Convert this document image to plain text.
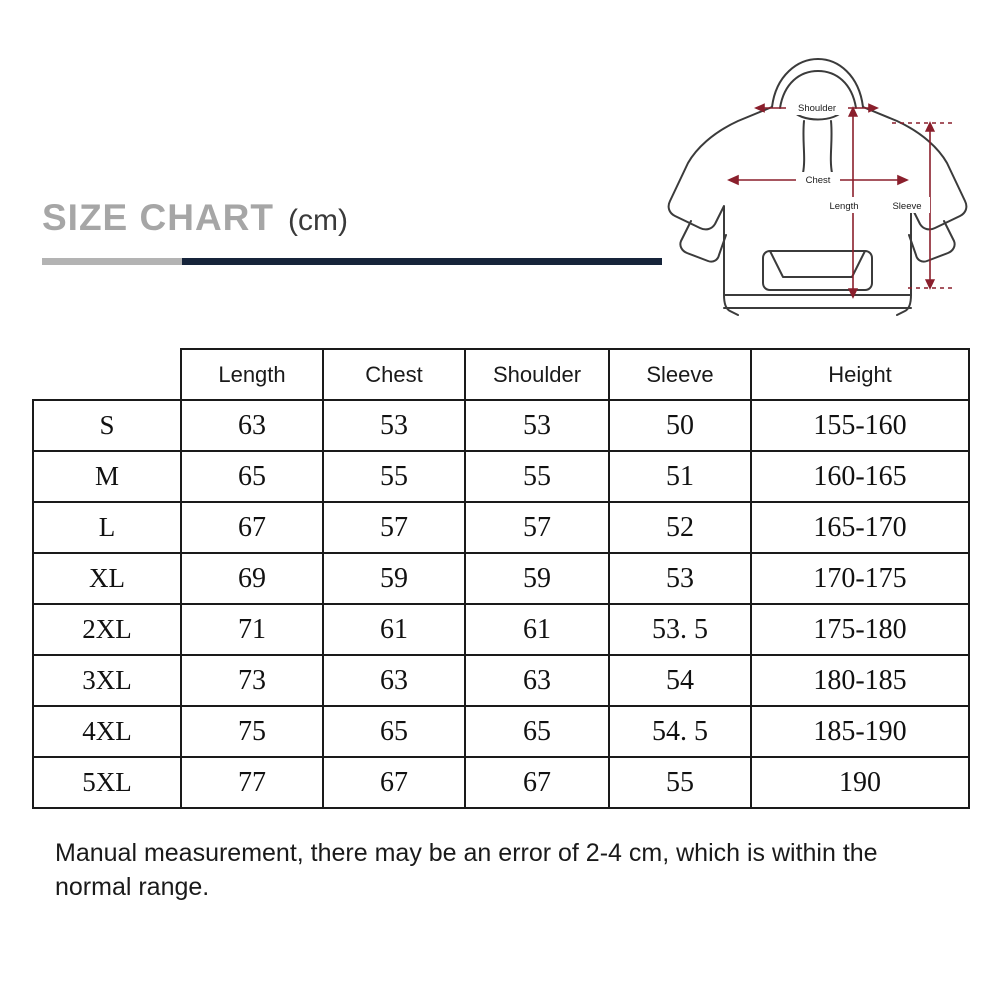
SIZE CHART (cm)
Shoulder
Chest
Length	Sleeve
	Length	Chest	Shoulder	Sleeve	Height
S	63	53	53	50	155-160
M	65	55	55	51	160-165
L	67	57	57	52	165-170
XL	69	59	59	53	170-175
2XL	71	61	61	53. 5	175-180
3XL	73	63	63	54	180-185
4XL	75	65	65	54. 5	185-190
5XL	77	67	67	55	190
Manual measurement, there may be an error of 2-4 cm, which is within the normal range.
